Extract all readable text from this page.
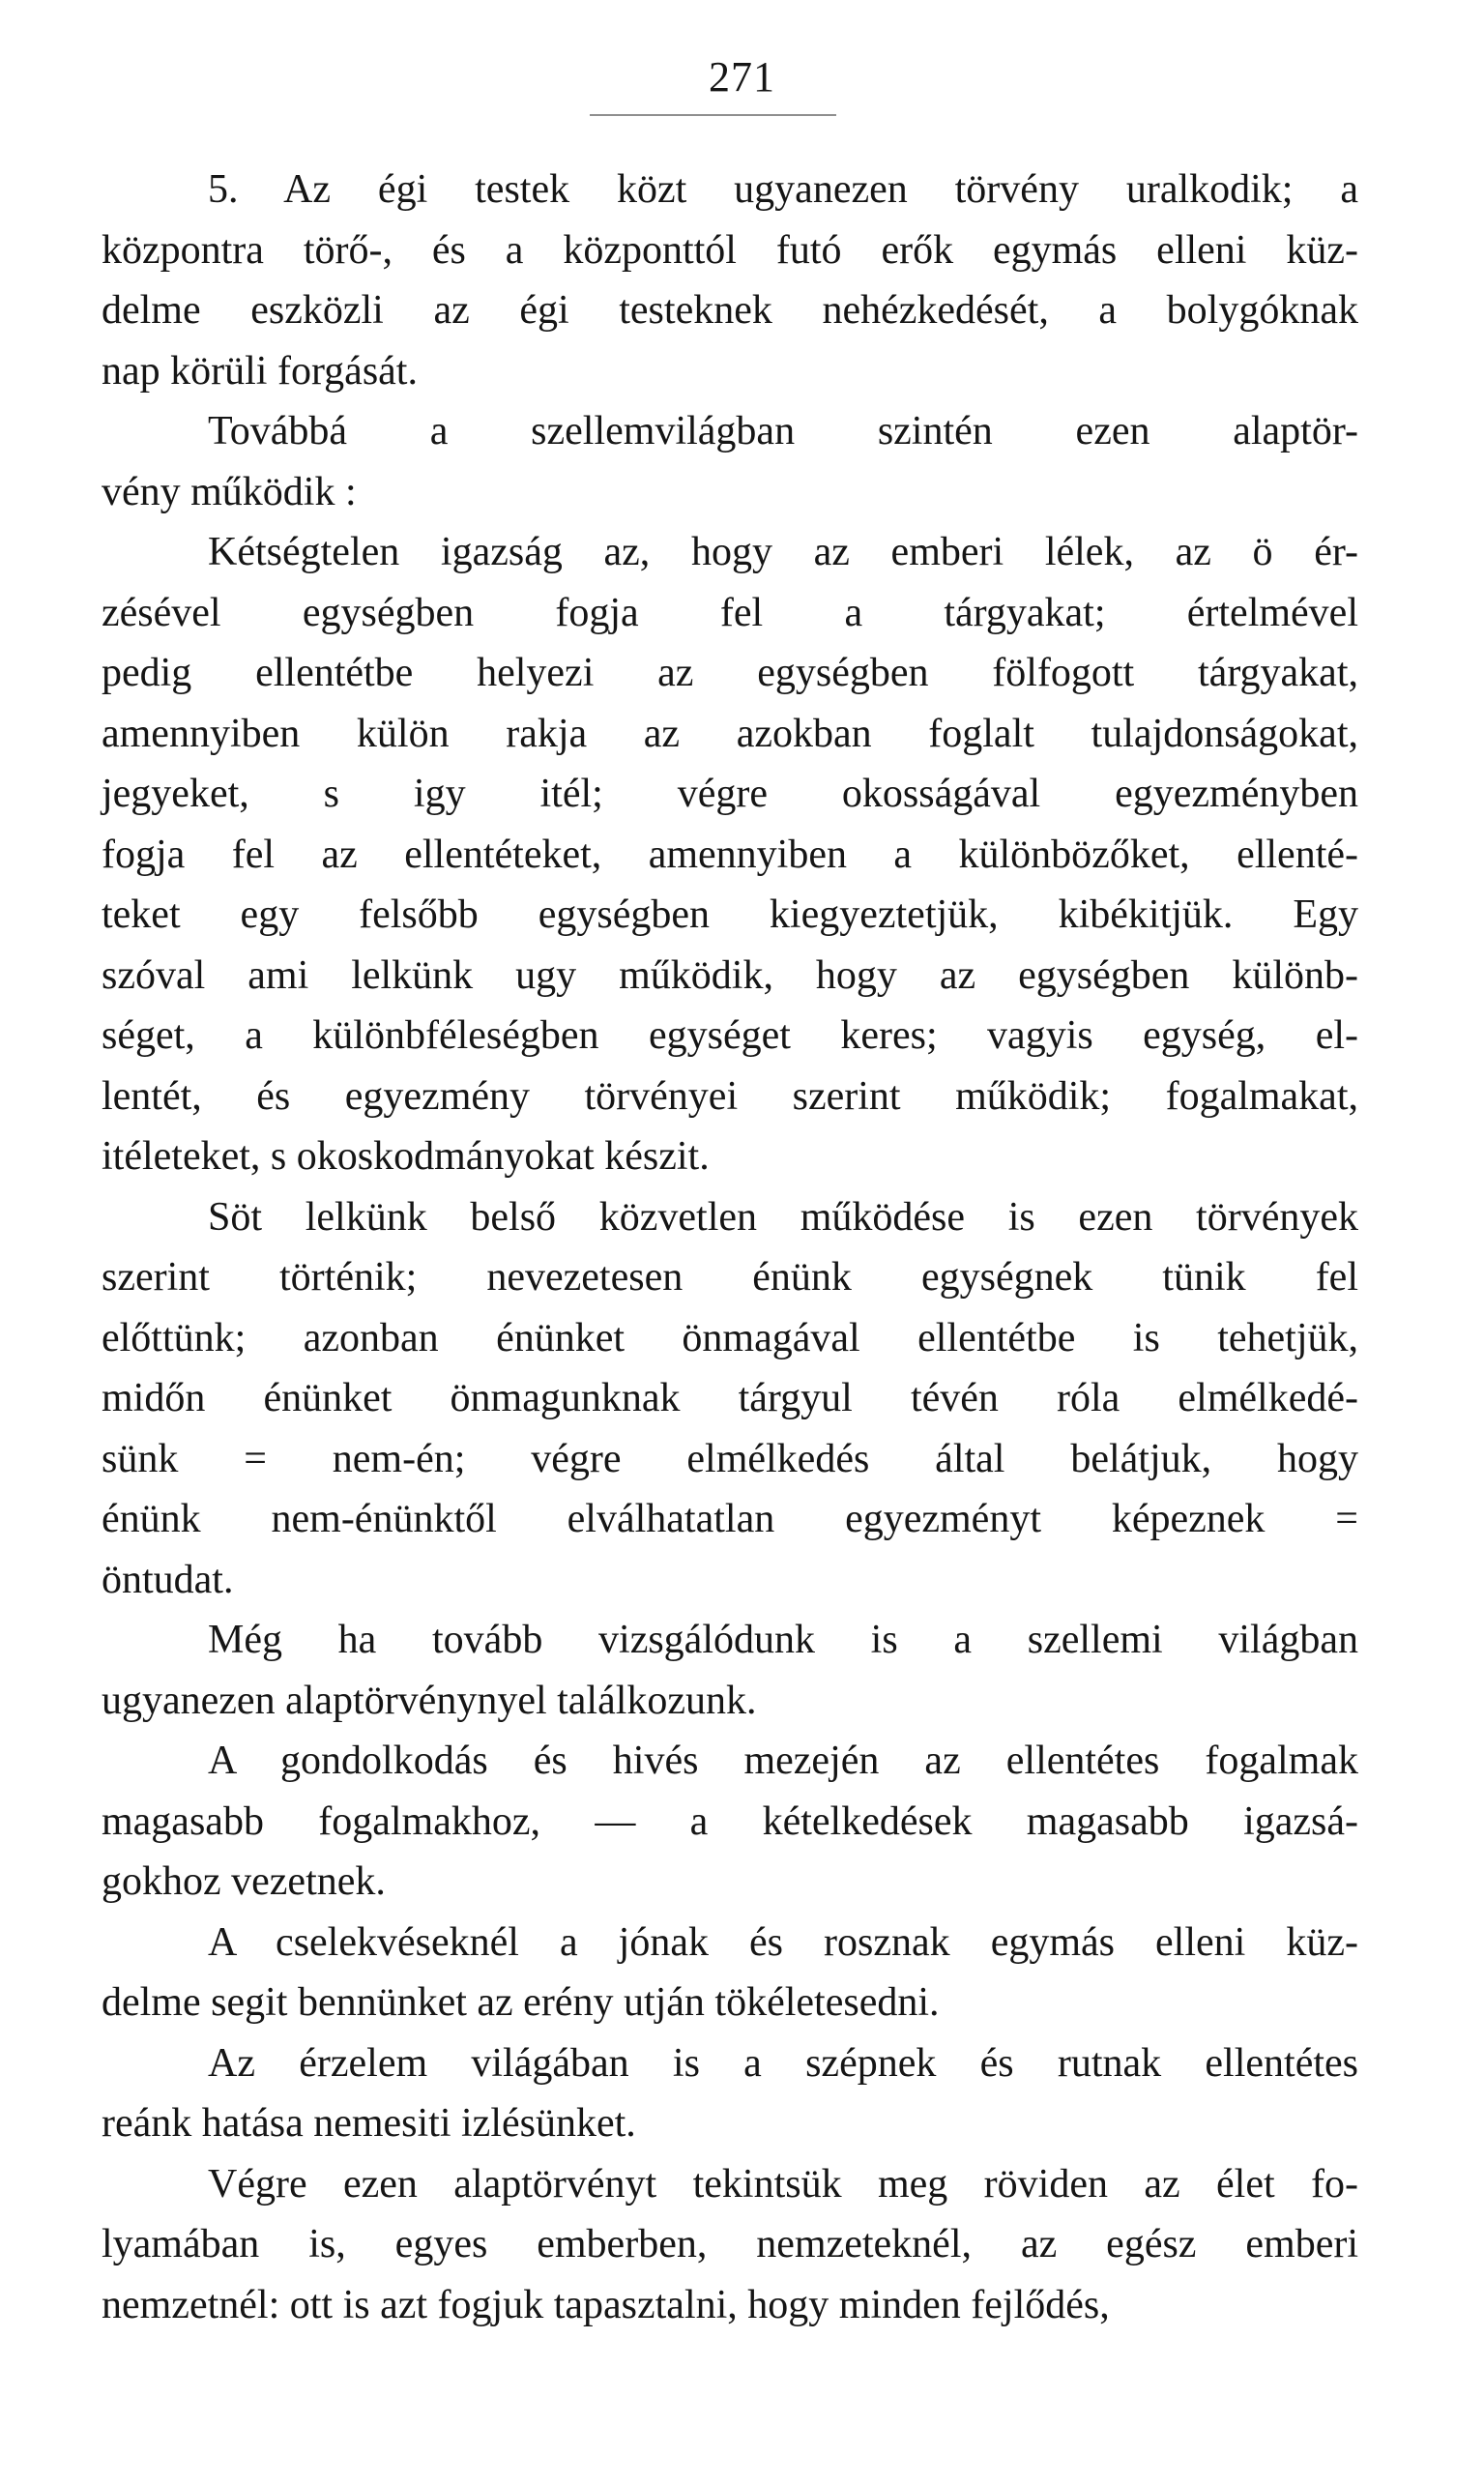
271

5. Az égi testek közt ugyanezen törvény uralkodik; a

központra törő-, és a központtól futó erők egymás elleni küz-

delme eszközli az égi testeknek nehézkedését, a bolygóknak

nap körüli forgását.

Továbbá a szellemvilágban szintén ezen alaptör-

vény működik :

Kétségtelen igazság az, hogy az emberi lélek, az ö ér-

zésével egységben fogja fel a tárgyakat; értelmével

pedig ellentétbe helyezi az egységben fölfogott tárgyakat,

amennyiben külön rakja az azokban foglalt tulajdonságokat,

jegyeket, s igy itél; végre okosságával egyezményben

fogja fel az ellentéteket, amennyiben a különbözőket, ellenté-

teket egy felsőbb egységben kiegyeztetjük, kibékitjük. Egy

szóval ami lelkünk ugy működik, hogy az egységben különb-

séget, a különbféleségben egységet keres; vagyis egység, el-

lentét, és egyezmény törvényei szerint működik; fogalmakat,

itéleteket, s okoskodmányokat készit.

Söt lelkünk belső közvetlen működése is ezen törvények

szerint történik; nevezetesen énünk egységnek tünik fel

előttünk; azonban énünket önmagával ellentétbe is tehetjük,

midőn énünket önmagunknak tárgyul tévén róla elmélkedé-

sünk = nem-én; végre elmélkedés által belátjuk, hogy

énünk nem-énünktől elválhatatlan egyezményt képeznek =

öntudat.

Még ha tovább vizsgálódunk is a szellemi világban

ugyanezen alaptörvénynyel találkozunk.

A gondolkodás és hivés mezején az ellentétes fogalmak

magasabb fogalmakhoz, — a kételkedések magasabb igazsá-

gokhoz vezetnek.

A cselekvéseknél a jónak és rosznak egymás elleni küz-

delme segit bennünket az erény utján tökéletesedni.

Az érzelem világában is a szépnek és rutnak ellentétes

reánk hatása nemesiti izlésünket.

Végre ezen alaptörvényt tekintsük meg röviden az élet fo-

lyamában is, egyes emberben, nemzeteknél, az egész emberi

nemzetnél: ott is azt fogjuk tapasztalni, hogy minden fejlődés,
